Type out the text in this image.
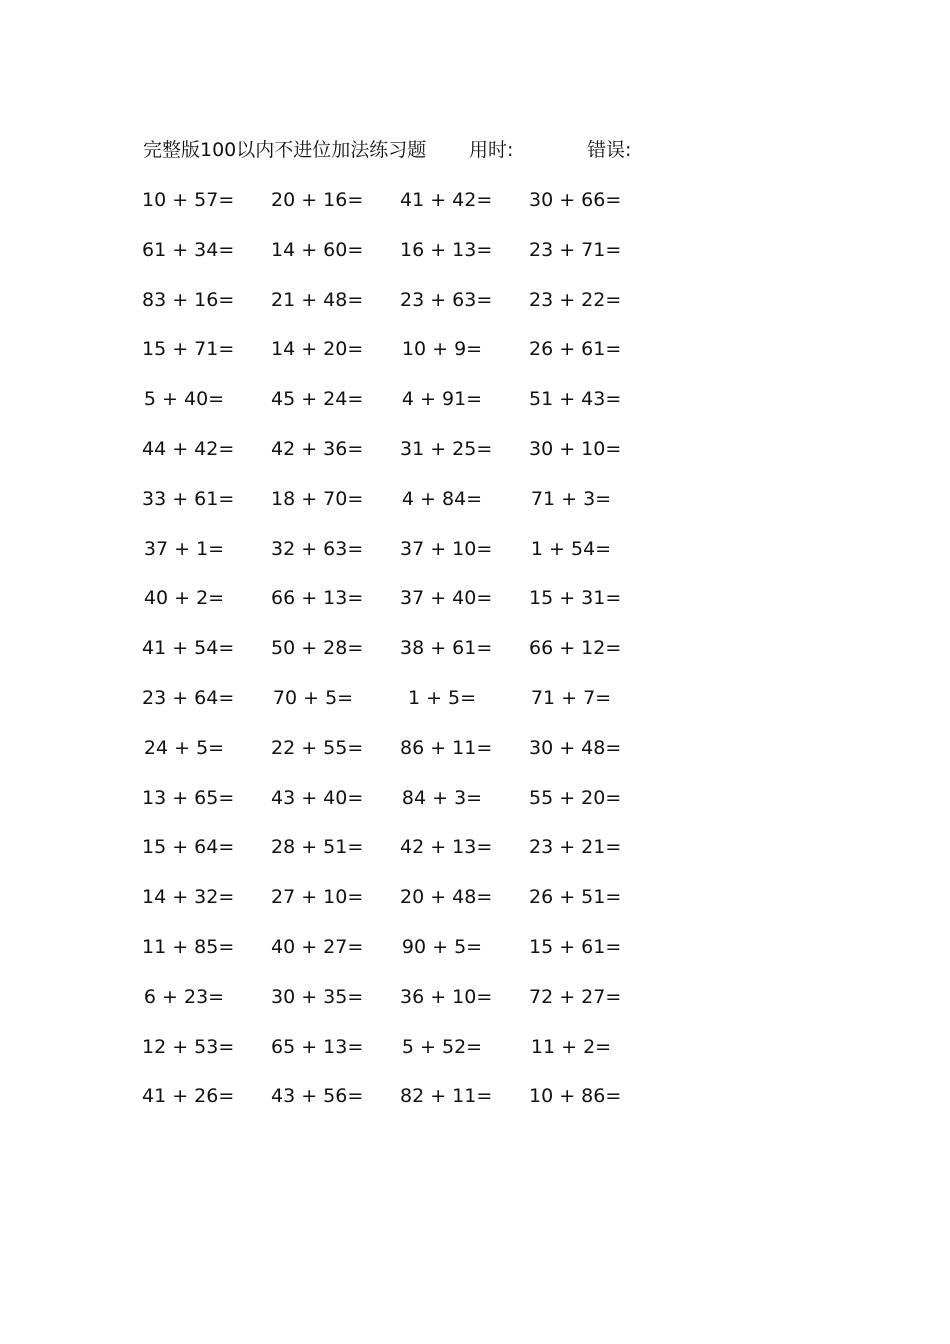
完整版100以内不进位加法练习题 用时:	错误:
10 + 57= 20 + 16= 41 + 42= 30 + 66=
61 + 34= 14 + 60= 16 + 13= 23 + 71=
83 + 16= 21 + 48= 23 + 63= 23 + 22=
15 + 71= 14 + 20= 10 + 9= 26 + 61=
5 + 40= 45 + 24= 4 + 91= 51 + 43=
44 + 42= 42 + 36= 31 + 25= 30 + 10=
33 + 61= 18 + 70= 4 + 84=	71 + 3=
37 + 1= 32 + 63= 37 + 10= 1 + 54=
40 + 2= 66 + 13= 37 + 40= 15 + 31=
41 + 54= 50 + 28= 38 + 61= 66 + 12=
23 + 64= 70 + 5=	1 + 5=	71 + 7=
24 + 5= 22 + 55= 86 + 11= 30 + 48=
13 + 65= 43 + 40= 84 + 3= 55 + 20=
15 + 64= 28 + 51= 42 + 13= 23 + 21=
14 + 32= 27 + 10= 20 + 48= 26 + 51=
11 + 85= 40 + 27= 90 + 5= 15 + 61=
6 + 23= 30 + 35= 36 + 10= 72 + 27=
12 + 53= 65 + 13= 5 + 52=	11 + 2=
41 + 26= 43 + 56= 82 + 11= 10 + 86=
